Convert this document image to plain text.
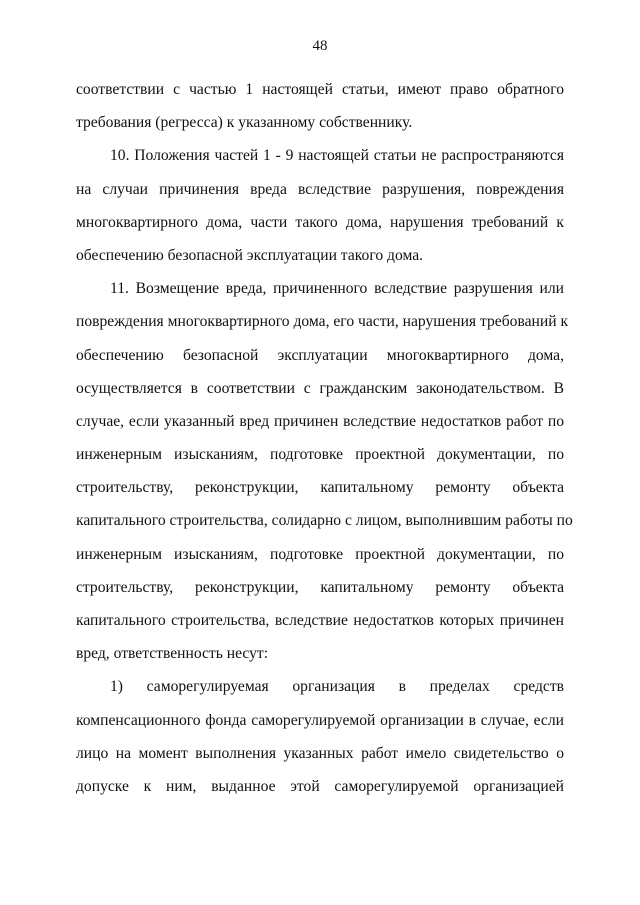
48
соответствии с частью 1 настоящей статьи, имеют право обратного
требования (регресса) к указанному собственнику.
10. Положения частей 1 - 9 настоящей статьи не распространяются
на случаи причинения вреда вследствие разрушения, повреждения
многоквартирного дома, части такого дома, нарушения требований к
обеспечению безопасной эксплуатации такого дома.
11. Возмещение вреда, причиненного вследствие разрушения или
повреждения многоквартирного дома, его части, нарушения требований к
обеспечению безопасной эксплуатации многоквартирного дома,
осуществляется в соответствии с гражданским законодательством. В
случае, если указанный вред причинен вследствие недостатков работ по
инженерным изысканиям, подготовке проектной документации, по
строительству, реконструкции, капитальному ремонту объекта
капитального строительства, солидарно с лицом, выполнившим работы по
инженерным изысканиям, подготовке проектной документации, по
строительству, реконструкции, капитальному ремонту объекта
капитального строительства, вследствие недостатков которых причинен
вред, ответственность несут:
1) саморегулируемая организация в пределах средств
компенсационного фонда саморегулируемой организации в случае, если
лицо на момент выполнения указанных работ имело свидетельство о
допуске к ним, выданное этой саморегулируемой организацией
